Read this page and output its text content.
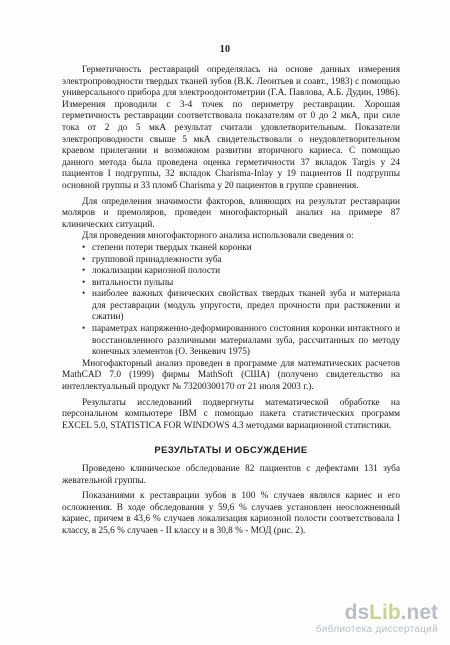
10

Герметичность реставраций определялась на основе данных измерения электропроводности твердых тканей зубов (В.К. Леонтьев и соавт., 1983) с помощью универсального прибора для электроодонтометрии (Г.А. Павлова, А.Б. Дудин, 1986). Измерения проводили с 3-4 точек по периметру реставрации. Хорошая герметичность реставрации соответствовала показателям от 0 до 2 мкА, при силе тока от 2 до 5 мкА результат считали удовлетворительным. Показатели электропроводности свыше 5 мкА свидетельствовали о неудовлетворительном краевом прилегании и возможном развитии вторичного кариеса. С помощью данного метода была проведена оценка герметичности 37 вкладок Targis у 24 пациентов I подгруппы, 32 вкладок Charisma-Inlay у 19 пациентов II подгруппы основной группы и 33 пломб Charisma у 20 пациентов в группе сравнения.

Для определения значимости факторов, влияющих на результат реставрации моляров и премоляров, проведен многофакторный анализ на примере 87 клинических ситуаций.

Для проведения многофакторного анализа использовали сведения о:

• степени потери твердых тканей коронки
• групповой принадлежности зуба
• локализации кариозной полости
• витальности пульпы
• наиболее важных физических свойствах твердых тканей зуба и материала для реставрации (модуль упругости, предел прочности при растяжении и сжатии)
• параметрах напряженно-деформированного состояния коронки интактного и восстановленного различными материалами зуба, рассчитанных по методу конечных элементов (О. Зенкевич 1975)

Многофакторный анализ проведен в программе для математических расчетов MathCAD 7.0 (1999) фирмы MathSoft (США) (получено свидетельство на интеллектуальный продукт № 73200300170 от 21 июля 2003 г.).

Результаты исследований подвергнуты математической обработке на персональном компьютере IBM с помощью пакета статистических программ EXCEL 5.0, STATISTICA FOR WINDOWS 4.3 методами вариационной статистики.

РЕЗУЛЬТАТЫ И ОБСУЖДЕНИЕ

Проведено клиническое обследование 82 пациентов с дефектами 131 зуба жевательной группы.

Показаниями к реставрации зубов в 100 % случаев являлся кариес и его осложнения. В ходе обследования у 59,6 % случаев установлен неосложненный кариес, причем в 43,6 % случаев локализация кариозной полости соответствовала I классу, в 25,6 % случаев - II классу и в 30,8 % - МОД (рис. 2).

dsLib.net
библиотека диссертаций
